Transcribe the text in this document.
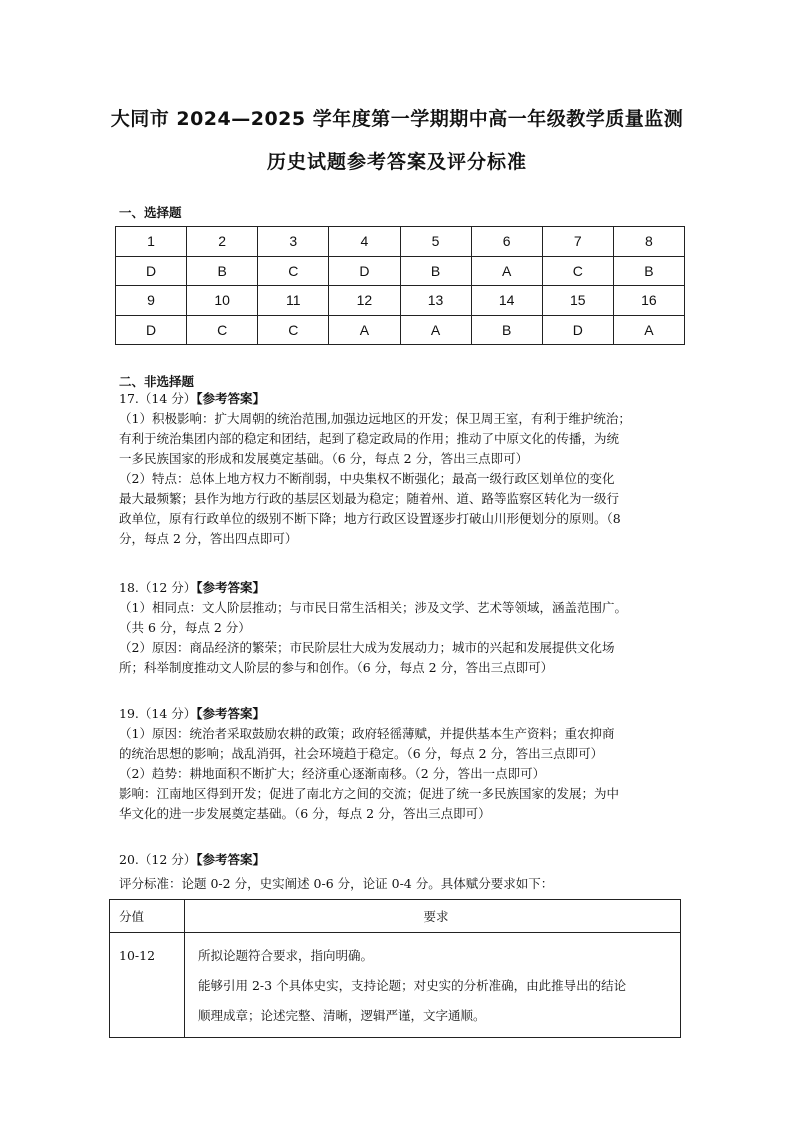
大同市 2024—2025 学年度第一学期期中高一年级教学质量监测
历史试题参考答案及评分标准
一、选择题
1	2	3	4	5	6	7	8
D	B	C	D	B	A	C	B
9	10	11	12	13	14	15	16
D	C	C	A	A	B	D	A
二、非选择题

17.（14 分）【参考答案】

（1）积极影响：扩大周朝的统治范围,加强边远地区的开发；保卫周王室，有利于维护统治；

有利于统治集团内部的稳定和团结，起到了稳定政局的作用；推动了中原文化的传播，为统

一多民族国家的形成和发展奠定基础。（6 分，每点 2 分，答出三点即可）

（2）特点：总体上地方权力不断削弱，中央集权不断强化；最高一级行政区划单位的变化

最大最频繁；县作为地方行政的基层区划最为稳定；随着州、道、路等监察区转化为一级行

政单位，原有行政单位的级别不断下降；地方行政区设置逐步打破山川形便划分的原则。（8

分，每点 2 分，答出四点即可）

18.（12 分）【参考答案】

（1）相同点：文人阶层推动；与市民日常生活相关；涉及文学、艺术等领域，涵盖范围广。

（共 6 分，每点 2 分）

（2）原因：商品经济的繁荣；市民阶层壮大成为发展动力；城市的兴起和发展提供文化场

所；科举制度推动文人阶层的参与和创作。（6 分，每点 2 分，答出三点即可）

19.（14 分）【参考答案】

（1）原因：统治者采取鼓励农耕的政策；政府轻徭薄赋，并提供基本生产资料；重农抑商

的统治思想的影响；战乱消弭，社会环境趋于稳定。（6 分，每点 2 分，答出三点即可）

（2）趋势：耕地面积不断扩大；经济重心逐渐南移。（2 分，答出一点即可）

影响：江南地区得到开发；促进了南北方之间的交流；促进了统一多民族国家的发展；为中

华文化的进一步发展奠定基础。（6 分，每点 2 分，答出三点即可）

20.（12 分）【参考答案】

评分标准：论题 0-2 分，史实阐述 0-6 分，论证 0-4 分。具体赋分要求如下：
分值	要求
10-12	所拟论题符合要求，指向明确。

能够引用 2-3 个具体史实，支持论题；对史实的分析准确，由此推导出的结论

顺理成章；论述完整、清晰，逻辑严谨，文字通顺。
